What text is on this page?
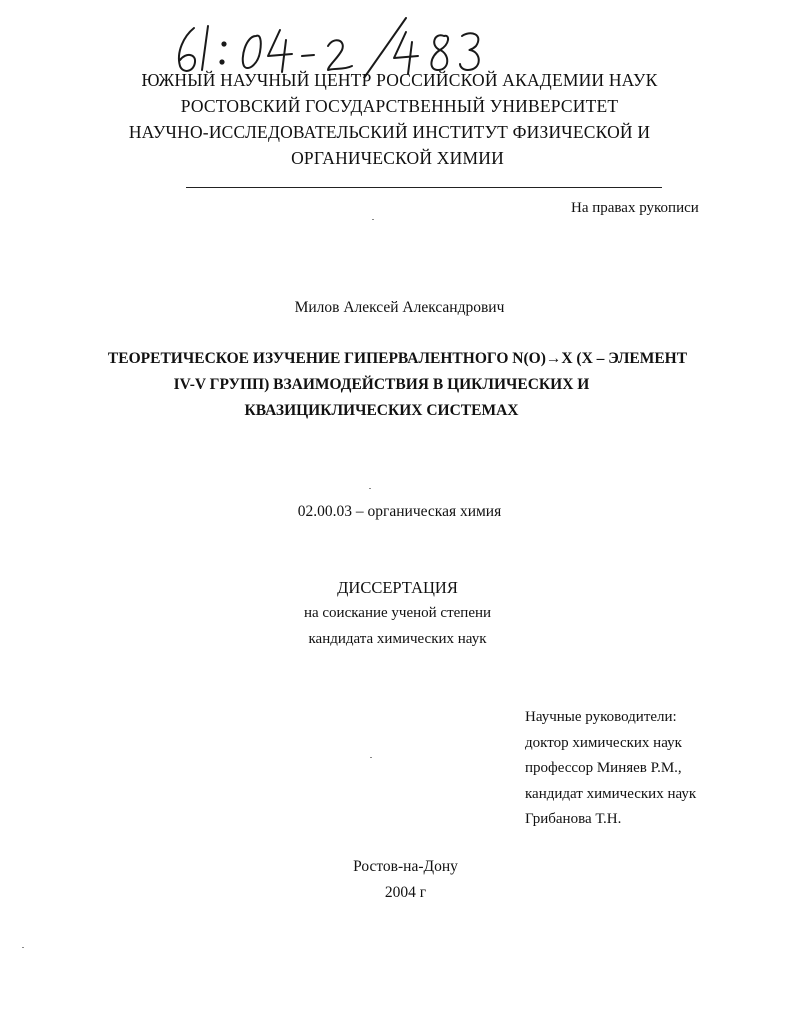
ЮЖНЫЙ НАУЧНЫЙ ЦЕНТР РОССИЙСКОЙ АКАДЕМИИ НАУК
РОСТОВСКИЙ ГОСУДАРСТВЕННЫЙ УНИВЕРСИТЕТ
НАУЧНО-ИССЛЕДОВАТЕЛЬСКИЙ ИНСТИТУТ ФИЗИЧЕСКОЙ И
ОРГАНИЧЕСКОЙ ХИМИИ
На правах рукописи
Милов Алексей Александрович
ТЕОРЕТИЧЕСКОЕ ИЗУЧЕНИЕ ГИПЕРВАЛЕНТНОГО N(O)→X (X – ЭЛЕМЕНТ
IV-V ГРУПП) ВЗАИМОДЕЙСТВИЯ В ЦИКЛИЧЕСКИХ И
КВАЗИЦИКЛИЧЕСКИХ СИСТЕМАХ
02.00.03 – органическая химия
ДИССЕРТАЦИЯ
на соискание ученой степени
кандидата химических наук
Научные руководители:
доктор химических наук
профессор Миняев Р.М.,
кандидат химических наук
Грибанова Т.Н.
Ростов-на-Дону
2004 г
